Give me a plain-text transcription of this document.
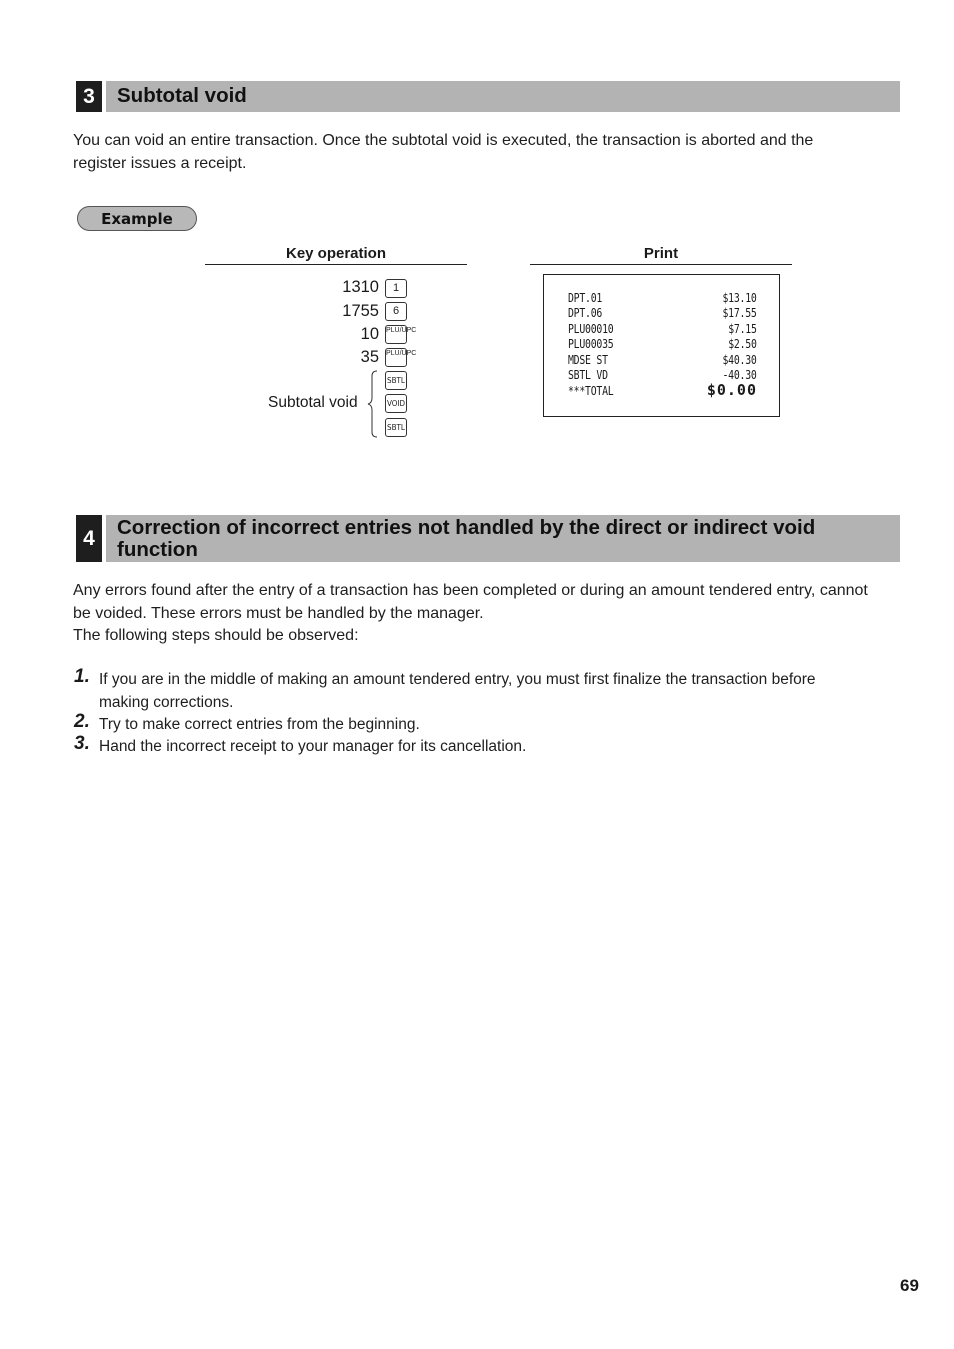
3	Subtotal void
You can void an entire transaction. Once the subtotal void is executed, the transaction is aborted and the
register issues a receipt.
Example
Key operation	Print
1310	1
1755	6
10 PLU/UPC
35 PLU/UPC
SBTL
VOID
SBTL
Subtotal void
DPT.01	$13.10
DPT.06	$17.55
PLU00010	$7.15
PLU00035	$2.50
MDSE ST	$40.30
SBTL VD	-40.30
***TOTAL	$0.00
4	Correction of incorrect entries not handled by the direct or indirect void
function
Any errors found after the entry of a transaction has been completed or during an amount tendered entry, cannot
be voided. These errors must be handled by the manager.
The following steps should be observed:
1. If you are in the middle of making an amount tendered entry, you must first finalize the transaction before
making corrections.
2. Try to make correct entries from the beginning.
3. Hand the incorrect receipt to your manager for its cancellation.
69
